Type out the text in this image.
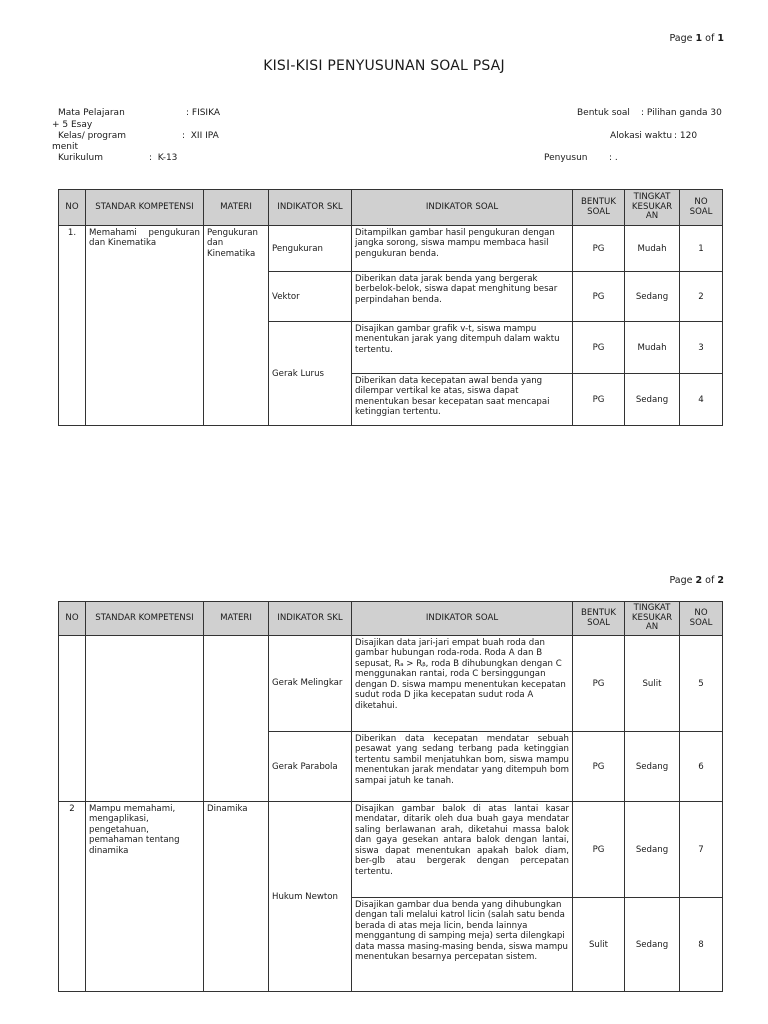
Page 1 of 1
KISI-KISI PENYUSUNAN SOAL PSAJ
Mata Pelajaran	: FISIKA	Bentuk soal : Pilihan ganda 30
+ 5 Esay
Kelas/ program	:  XII IPA	Alokasi waktu : 120
menit
Kurikulum	:  K-13	Penyusun : .
NO	STANDAR KOMPETENSI	MATERI	INDIKATOR SKL	INDIKATOR SOAL	BENTUK SOAL	TINGKAT KESUKAR AN	NO SOAL
1.	Memahami pengukuran dan Kinematika	Pengukuran dan Kinematika	Pengukuran	Ditampilkan gambar hasil pengukuran dengan jangka sorong, siswa mampu membaca hasil pengukuran benda.	PG	Mudah	1
			Vektor	Diberikan data jarak benda yang bergerak berbelok-belok, siswa dapat menghitung besar perpindahan benda.	PG	Sedang	2
			Gerak Lurus	Disajikan gambar grafik v-t, siswa mampu menentukan jarak yang ditempuh dalam waktu tertentu.	PG	Mudah	3
				Diberikan data kecepatan awal benda yang dilempar vertikal ke atas, siswa dapat menentukan besar kecepatan saat mencapai ketinggian tertentu.	PG	Sedang	4
Page 2 of 2
NO	STANDAR KOMPETENSI	MATERI	INDIKATOR SKL	INDIKATOR SOAL	BENTUK SOAL	TINGKAT KESUKAR AN	NO SOAL
			Gerak Melingkar	Disajikan data jari-jari empat buah roda dan gambar hubungan roda-roda. Roda A dan B sepusat, Rₐ > Rᵦ, roda B dihubungkan dengan C menggunakan rantai, roda C bersinggungan dengan D. siswa mampu menentukan kecepatan sudut roda D jika kecepatan sudut roda A diketahui.	PG	Sulit	5
			Gerak Parabola	Diberikan data kecepatan mendatar sebuah pesawat yang sedang terbang pada ketinggian tertentu sambil menjatuhkan bom, siswa mampu menentukan jarak mendatar yang ditempuh bom sampai jatuh ke tanah.	PG	Sedang	6
2	Mampu memahami, mengaplikasi, pengetahuan, pemahaman tentang dinamika	Dinamika	Hukum Newton	Disajikan gambar balok di atas lantai kasar mendatar, ditarik oleh dua buah gaya mendatar saling berlawanan arah, diketahui massa balok dan gaya gesekan antara balok dengan lantai, siswa dapat menentukan apakah balok diam, ber-glb atau bergerak dengan percepatan tertentu.	PG	Sedang	7
				Disajikan gambar dua benda yang dihubungkan dengan tali melalui katrol licin (salah satu benda berada di atas meja licin, benda lainnya menggantung di samping meja) serta dilengkapi data massa masing-masing benda, siswa mampu menentukan besarnya percepatan sistem.	Sulit	Sedang	8
